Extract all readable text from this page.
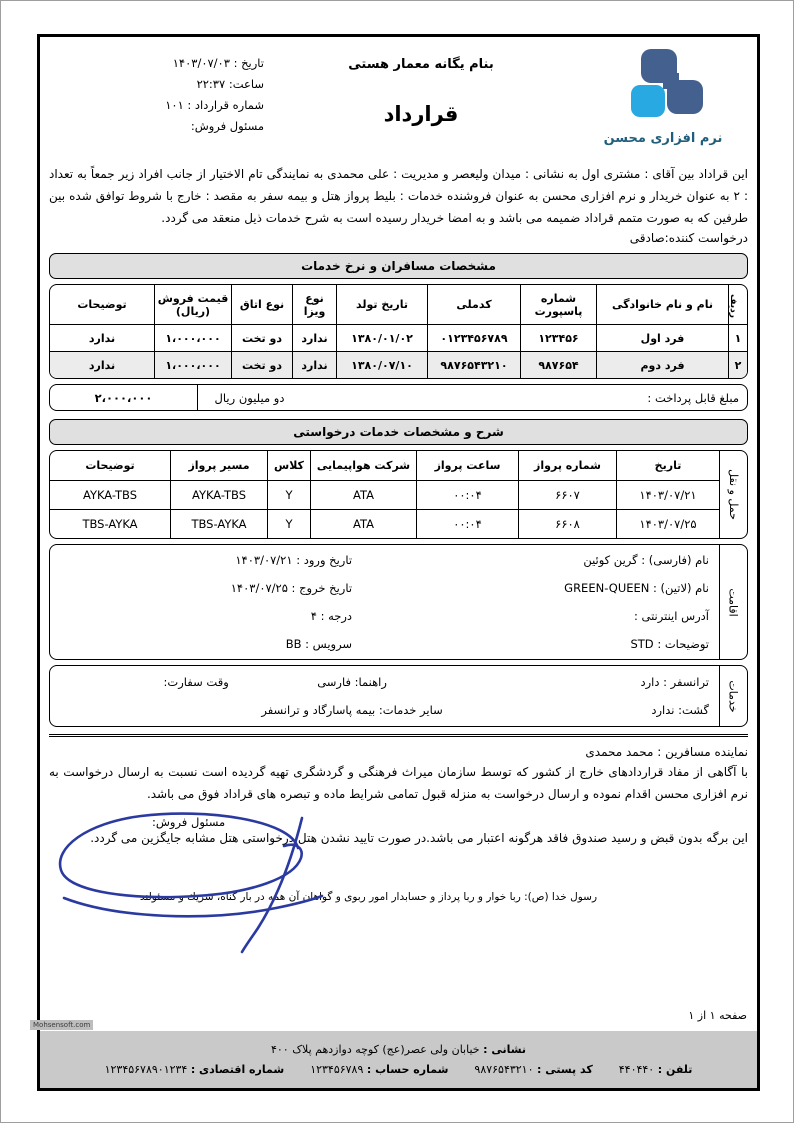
نرم افزاری محسن
بنام یگانه معمار هستی
قرارداد
تاریخ : ۱۴۰۳/۰۷/۰۳
ساعت: ۲۲:۳۷
شماره قرارداد : ۱۰۱
مسئول فروش:
این قراداد بین آقای : مشتری اول به نشانی : میدان ولیعصر و مدیریت : علی محمدی به نمایندگی تام الاختیار از جانب افراد زیر جمعاً به تعداد : ۲ به عنوان خریدار و نرم افزاری محسن به عنوان فروشنده خدمات : بلیط پرواز هتل و بیمه سفر به مقصد : خارج با شروط توافق شده بین طرفین که به صورت متمم قراداد ضمیمه می باشد و به امضا خریدار رسیده است به شرح خدمات ذیل منعقد می گردد.
درخواست کننده:صادقی
مشخصات مسافران و نرخ خدمات
ردیف	نام و نام خانوادگی	شماره پاسپورت	کدملی	تاریخ تولد	نوع ویزا	نوع اتاق	قیمت فروش (ریال)	توضیحات
۱	فرد اول	۱۲۳۴۵۶	۰۱۲۳۴۵۶۷۸۹	۱۳۸۰/۰۱/۰۲	ندارد	دو تخت	۱،۰۰۰،۰۰۰	ندارد
۲	فرد دوم	۹۸۷۶۵۴	۹۸۷۶۵۴۳۲۱۰	۱۳۸۰/۰۷/۱۰	ندارد	دو تخت	۱،۰۰۰،۰۰۰	ندارد
مبلغ قابل پرداخت :
دو میلیون ریال
۲،۰۰۰،۰۰۰
شرح و مشخصات خدمات درخواستی
حمل و نقل
تاریخ	شماره پرواز	ساعت پرواز	شرکت هواپیمایی	کلاس	مسیر پرواز	توضیحات
۱۴۰۳/۰۷/۲۱	۶۶۰۷	۰۰:۰۴	ATA	Y	AYKA-TBS	AYKA-TBS
۱۴۰۳/۰۷/۲۵	۶۶۰۸	۰۰:۰۴	ATA	Y	TBS-AYKA	TBS-AYKA
اقامت
نام (فارسی) : گرین کوئین
تاریخ ورود : ۱۴۰۳/۰۷/۲۱
نام (لاتین) : GREEN-QUEEN
تاریخ خروج : ۱۴۰۳/۰۷/۲۵
آدرس اینترنتی :
درجه : ۴
توضیحات : STD
سرویس : BB
خدمات
ترانسفر : دارد
راهنما: فارسی
وقت سفارت:
گشت: ندارد
سایر خدمات: بیمه پاسارگاد و ترانسفر
نماینده مسافرین : محمد محمدی
با آگاهی از مفاد قراردادهای خارج از کشور که توسط سازمان میراث فرهنگی و گردشگری تهیه گردیده است نسبت به ارسال درخواست به نرم افزاری محسن اقدام نموده و ارسال درخواست به منزله قبول تمامی شرایط ماده و تبصره های قراداد فوق می باشد.
این برگه بدون قبض و رسید صندوق فاقد هرگونه اعتبار می باشد.در صورت تایید نشدن هتل درخواستی هتل مشابه جایگزین می گردد.
رسول خدا (ص): ربا خوار و ربا پرداز و حسابدار امور ربوی و گواهان آن همه در بار گناه، شریك و مسئولند
مسئول فروش:
صفحه ۱ از ۱
Mohsensoft.com
نشانی : خیابان ولی عصر(عج) کوچه دوازدهم پلاک ۴۰۰
تلفن : ۴۴۰۴۴۰
کد پستی : ۹۸۷۶۵۴۳۲۱۰
شماره حساب : ۱۲۳۴۵۶۷۸۹
شماره اقتصادی : ۱۲۳۴۵۶۷۸۹۰۱۲۳۴
